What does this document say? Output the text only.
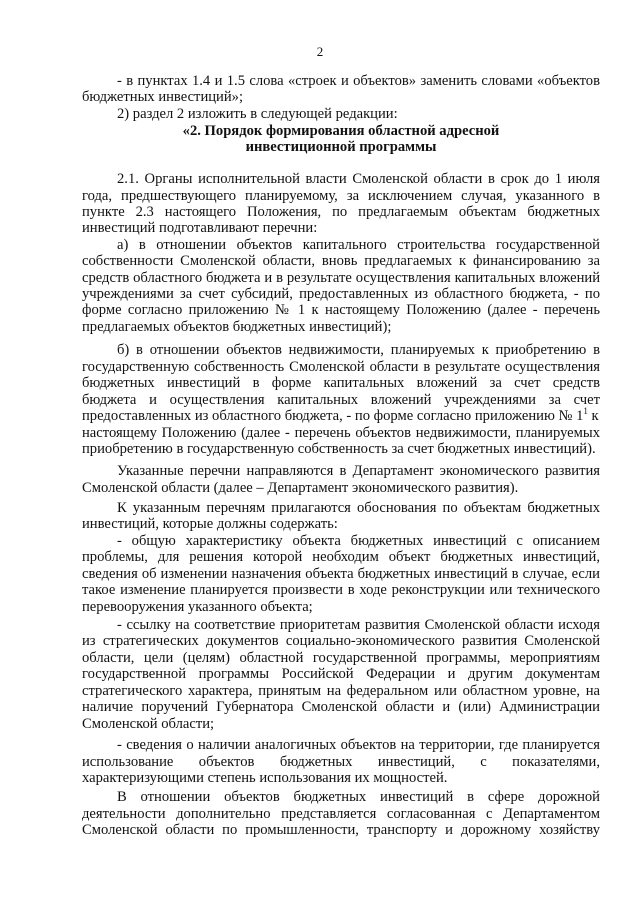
2
- в пунктах 1.4 и 1.5 слова «строек и объектов» заменить словами «объектов
бюджетных инвестиций»;
2) раздел 2 изложить в следующей редакции:
«2. Порядок формирования областной адресной
инвестиционной программы
2.1. Органы исполнительной власти Смоленской области в срок до 1 июля
года, предшествующего планируемому, за исключением случая, указанного в
пункте 2.3 настоящего Положения, по предлагаемым объектам бюджетных
инвестиций подготавливают перечни:
а) в отношении объектов капитального строительства государственной
собственности Смоленской области, вновь предлагаемых к финансированию за
средств областного бюджета и в результате осуществления капитальных вложений
учреждениями за счет субсидий, предоставленных из областного бюджета, - по
форме согласно приложению № 1 к настоящему Положению (далее - перечень
предлагаемых объектов бюджетных инвестиций);
б) в отношении объектов недвижимости, планируемых к приобретению в
государственную собственность Смоленской области в результате осуществления
бюджетных инвестиций в форме капитальных вложений за счет средств
бюджета и осуществления капитальных вложений учреждениями за счет
предоставленных из областного бюджета, - по форме согласно приложению № $1^1$ к
настоящему Положению (далее - перечень объектов недвижимости, планируемых
приобретению в государственную собственность за счет бюджетных инвестиций).
Указанные перечни направляются в Департамент экономического развития
Смоленской области (далее – Департамент экономического развития).
К указанным перечням прилагаются обоснования по объектам бюджетных
инвестиций, которые должны содержать:
- общую характеристику объекта бюджетных инвестиций с описанием
проблемы, для решения которой необходим объект бюджетных инвестиций,
сведения об изменении назначения объекта бюджетных инвестиций в случае, если
такое изменение планируется произвести в ходе реконструкции или технического
перевооружения указанного объекта;
- ссылку на соответствие приоритетам развития Смоленской области исходя
из стратегических документов социально-экономического развития Смоленской
области, цели (целям) областной государственной программы, мероприятиям
государственной программы Российской Федерации и другим документам
стратегического характера, принятым на федеральном или областном уровне, на
наличие поручений Губернатора Смоленской области и (или) Администрации
Смоленской области;
- сведения о наличии аналогичных объектов на территории, где планируется
использование объектов бюджетных инвестиций, с показателями,
характеризующими степень использования их мощностей.
В отношении объектов бюджетных инвестиций в сфере дорожной
деятельности дополнительно представляется согласованная с Департаментом
Смоленской области по промышленности, транспорту и дорожному хозяйству
